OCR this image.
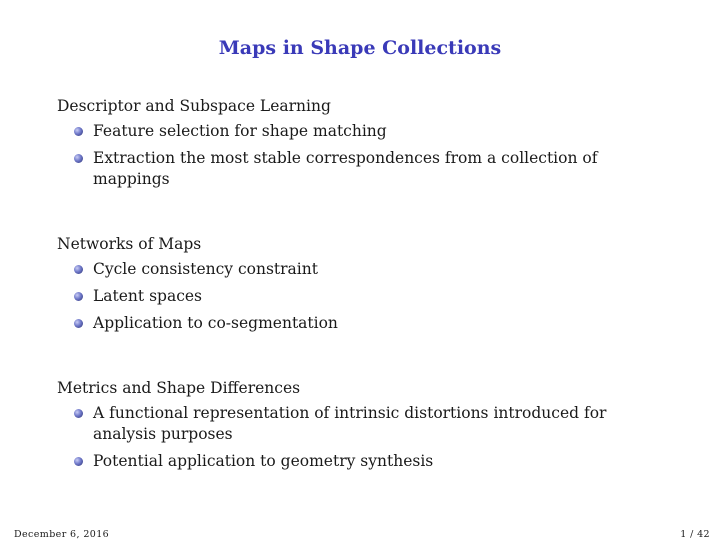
Maps in Shape Collections
Descriptor and Subspace Learning
Feature selection for shape matching
Extraction the most stable correspondences from a collection of mappings
Networks of Maps
Cycle consistency constraint
Latent spaces
Application to co-segmentation
Metrics and Shape Differences
A functional representation of intrinsic distortions introduced for analysis purposes
Potential application to geometry synthesis
December 6, 2016	1 / 42
